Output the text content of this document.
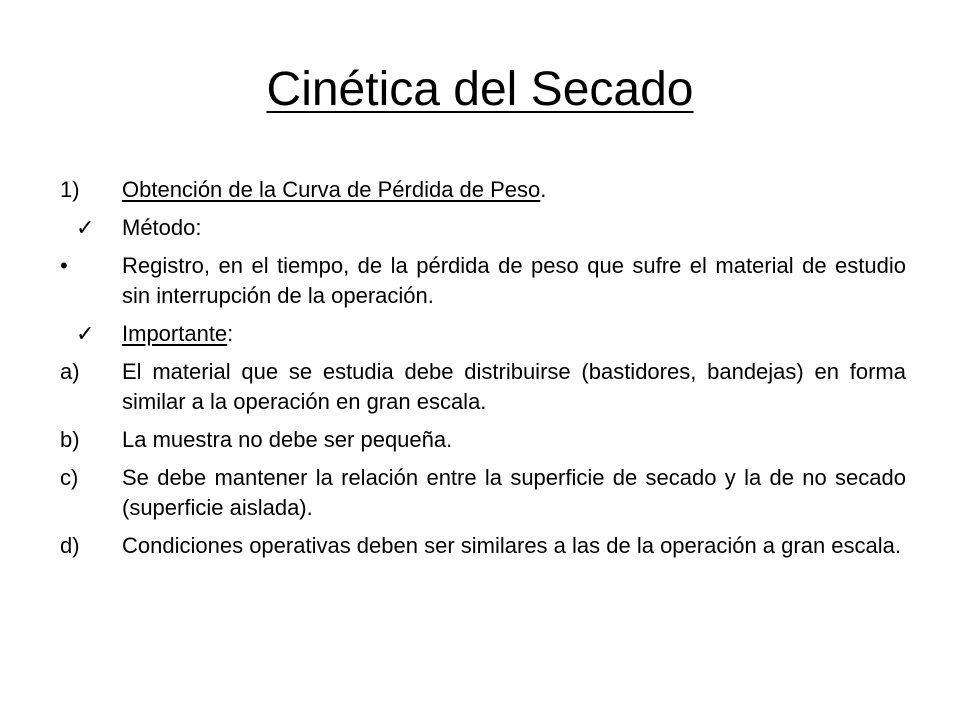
Cinética del Secado
1)	Obtención de la Curva de Pérdida de Peso.
✓	Método:
•	Registro, en el tiempo, de la pérdida de peso que sufre el material de estudio sin interrupción de la operación.
✓	Importante:
a)	El material que se estudia debe distribuirse (bastidores, bandejas) en forma similar a la operación en gran escala.
b)	La muestra no debe ser pequeña.
c)	Se debe mantener la relación entre la superficie de secado y la de no secado (superficie aislada).
d)	Condiciones operativas deben ser similares a las de la operación a gran escala.
